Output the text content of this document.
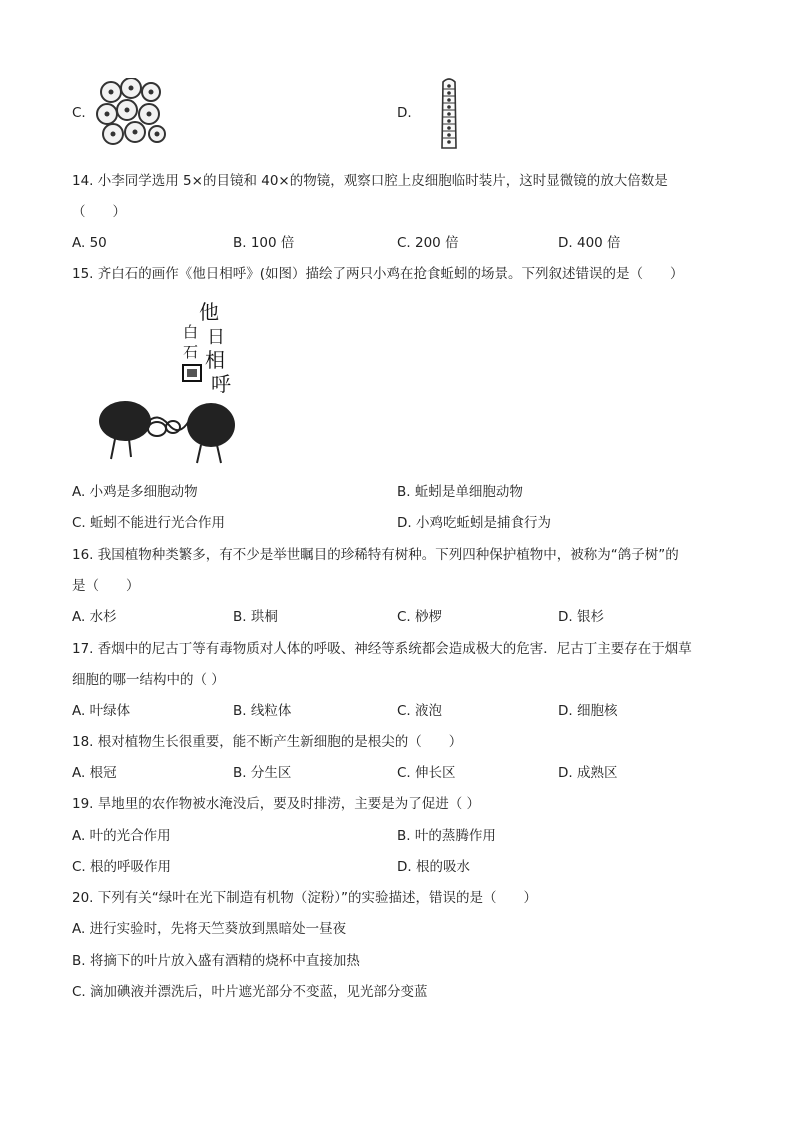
C.	D.
14. 小李同学选用 5×的目镜和 40×的物镜，观察口腔上皮细胞临时装片，这时显微镜的放大倍数是
（　　）
A. 50	B. 100 倍	C. 200 倍	D. 400 倍
15. 齐白石的画作《他日相呼》(如图）描绘了两只小鸡在抢食蚯蚓的场景。下列叙述错误的是（　　）
他
日
相
呼
白
石
A. 小鸡是多细胞动物	B. 蚯蚓是单细胞动物
C. 蚯蚓不能进行光合作用	D. 小鸡吃蚯蚓是捕食行为
16. 我国植物种类繁多，有不少是举世瞩目的珍稀特有树种。下列四种保护植物中，被称为“鸽子树”的
是（　　）
A. 水杉	B. 珙桐	C. 桫椤	D. 银杉
17. 香烟中的尼古丁等有毒物质对人体的呼吸、神经等系统都会造成极大的危害．尼古丁主要存在于烟草
细胞的哪一结构中的（ ）
A. 叶绿体	B. 线粒体	C. 液泡	D. 细胞核
18. 根对植物生长很重要，能不断产生新细胞的是根尖的（　　）
A. 根冠	B. 分生区	C. 伸长区	D. 成熟区
19. 旱地里的农作物被水淹没后，要及时排涝，主要是为了促进（ ）
A. 叶的光合作用	B. 叶的蒸腾作用
C. 根的呼吸作用	D. 根的吸水
20. 下列有关“绿叶在光下制造有机物（淀粉）”的实验描述，错误的是（　　）
A. 进行实验时，先将天竺葵放到黑暗处一昼夜
B. 将摘下的叶片放入盛有酒精的烧杯中直接加热
C. 滴加碘液并漂洗后，叶片遮光部分不变蓝，见光部分变蓝
